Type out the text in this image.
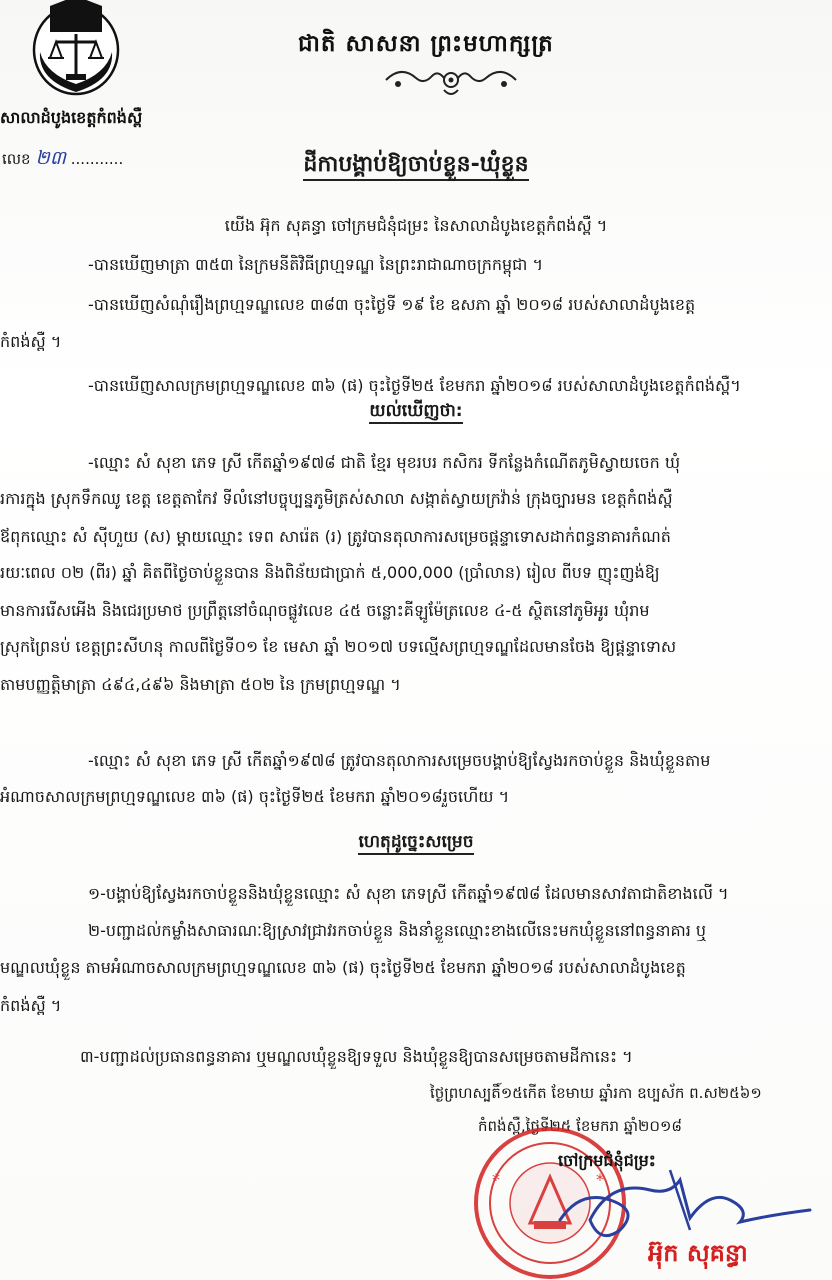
ជាតិ សាសនា ព្រះមហាក្សត្រ
សាលាដំបូងខេត្តកំពង់ស្ពឺ
លេខ ២៣ ...........	ដីកាបង្គាប់ឱ្យចាប់ខ្លួន-ឃុំខ្លួន
យើង អ៊ុក សុគន្ធា ចៅក្រមជំនុំជម្រះ នៃសាលាដំបូងខេត្តកំពង់ស្ពឺ ។
-បានឃើញមាត្រា ៣៥៣ នៃក្រមនីតិវិធីព្រហ្មទណ្ឌ នៃព្រះរាជាណាចក្រកម្ពុជា ។
-បានឃើញសំណុំរឿងព្រហ្មទណ្ឌលេខ ៣៨៣ ចុះថ្ងៃទី ១៩ ខែ ឧសភា ឆ្នាំ ២០១៨ របស់សាលាដំបូងខេត្ត
កំពង់ស្ពឺ ។
-បានឃើញសាលក្រមព្រហ្មទណ្ឌលេខ ៣៦ (ផ) ចុះថ្ងៃទី២៥ ខែមករា ឆ្នាំ២០១៨ របស់សាលាដំបូងខេត្តកំពង់ស្ពឺ។
យល់ឃើញថា:
-ឈ្មោះ សំ សុខា ភេទ ស្រី កើតឆ្នាំ១៩៧៨ ជាតិ ខ្មែរ មុខរបរ កសិករ ទីកន្លែងកំណើតភូមិស្វាយចេក ឃុំ
រការក្នុង ស្រុកទឹកឈូ ខេត្ត ខេត្តតាកែវ ទីលំនៅបច្ចុប្បន្នភូមិត្រស់សាលា សង្កាត់ស្វាយក្រវ៉ាន់ ក្រុងច្បារមន ខេត្តកំពង់ស្ពឺ
ឪពុកឈ្មោះ សំ ស៊ីហួយ (ស) ម្តាយឈ្មោះ ទេព សារ៉េត (រ) ត្រូវបានតុលាការសម្រេចផ្តន្ទាទោសដាក់ពន្ធនាគារកំណត់
រយៈពេល ០២ (ពីរ) ឆ្នាំ គិតពីថ្ងៃចាប់ខ្លួនបាន និងពិន័យជាប្រាក់ ៥,000,000 (ប្រាំលាន) រៀល ពីបទ ញុះញង់ឱ្យ
មានការរើសអើង និងជេរប្រមាថ ប្រព្រឹត្តនៅចំណុចផ្លូវលេខ ៤៥ ចន្លោះគីឡូម៉ែត្រលេខ ៤-៥ ស្ថិតនៅភូមិអូរ ឃុំរាម
ស្រុកព្រៃនប់ ខេត្តព្រះសីហនុ កាលពីថ្ងៃទី០១ ខែ មេសា ឆ្នាំ ២០១៧ បទល្មើសព្រហ្មទណ្ឌដែលមានចែង ឱ្យផ្តន្ទាទោស
តាមបញ្ញត្តិមាត្រា ៤៩៤,៤៩៦ និងមាត្រា ៥០២ នៃ ក្រមព្រហ្មទណ្ឌ ។
-ឈ្មោះ សំ សុខា ភេទ ស្រី កើតឆ្នាំ១៩៧៨ ត្រូវបានតុលាការសម្រេចបង្គាប់ឱ្យស្វែងរកចាប់ខ្លួន និងឃុំខ្លួនតាម
អំណាចសាលក្រមព្រហ្មទណ្ឌលេខ ៣៦ (ផ) ចុះថ្ងៃទី២៥ ខែមករា ឆ្នាំ២០១៨រួចហើយ ។
ហេតុដូច្នេះសម្រេច
១-បង្គាប់ឱ្យស្វែងរកចាប់ខ្លួននិងឃុំខ្លួនឈ្មោះ សំ សុខា ភេទស្រី កើតឆ្នាំ១៩៧៨ ដែលមានសាវតាជាតិខាងលើ ។
២-បញ្ជាដល់កម្លាំងសាធារណៈឱ្យស្រាវជ្រាវរកចាប់ខ្លួន និងនាំខ្លួនឈ្មោះខាងលើនេះមកឃុំខ្លួននៅពន្ធនាគារ ឬ
មណ្ឌលឃុំខ្លួន តាមអំណាចសាលក្រមព្រហ្មទណ្ឌលេខ ៣៦ (ផ) ចុះថ្ងៃទី២៥ ខែមករា ឆ្នាំ២០១៨ របស់សាលាដំបូងខេត្ត
កំពង់ស្ពឺ ។
៣-បញ្ជាដល់ប្រធានពន្ធនាគារ ឬមណ្ឌលឃុំខ្លួនឱ្យទទួល និងឃុំខ្លួនឱ្យបានសម្រេចតាមដីកានេះ ។
ថ្ងៃព្រហស្បតិ៍១៥កើត ខែមាឃ ឆ្នាំរកា ឧប្បស័ក ព.ស២៥៦១
កំពង់ស្ពឺ,ថ្ងៃទី២៥ ខែមករា ឆ្នាំ២០១៨
*	*
ចៅក្រមជំនុំជម្រះ
អ៊ុក សុគន្ធា
